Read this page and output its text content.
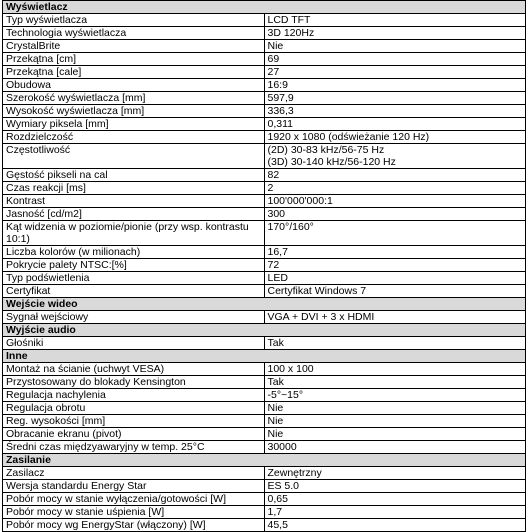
Wyświetlacz	

Typ wyświetlacza	LCD TFT

Technologia wyświetlacza	3D 120Hz

CrystalBrite	Nie

Przekątna [cm]	69

Przekątna [cale]	27

Obudowa	16:9

Szerokość wyświetlacza [mm]	597,9

Wysokość wyświetlacza [mm]	336,3

Wymiary piksela [mm]	0,311

Rozdzielczość	1920 x 1080 (odświeżanie 120 Hz)

Częstotliwość	(2D) 30-83 kHz/56-75 Hz
(3D) 30-140 kHz/56-120 Hz

Gęstość pikseli na cal	82

Czas reakcji [ms]	2

Kontrast	100'000'000:1

Jasność [cd/m2]	300

Kąt widzenia w poziomie/pionie (przy wsp. kontrastu
10:1)	170°/160°

Liczba kolorów (w milionach)	16,7

Pokrycie palety NTSC:[%]	72

Typ podświetlenia	LED

Certyfikat	Certyfikat Windows 7

Wejście wideo	

Sygnał wejściowy	VGA + DVI + 3 x HDMI

Wyjście audio	

Głośniki	Tak

Inne	

Montaż na ścianie (uchwyt VESA)	100 x 100

Przystosowany do blokady Kensington	Tak

Regulacja nachylenia	-5°~15°

Regulacja obrotu	Nie

Reg. wysokości [mm]	Nie

Obracanie ekranu (pivot)	Nie

Średni czas międzyawaryjny w temp. 25°C	30000

Zasilanie	

Zasilacz	Zewnętrzny

Wersja standardu Energy Star	ES 5.0

Pobór mocy w stanie wyłączenia/gotowości [W]	0,65

Pobór mocy w stanie uśpienia [W]	1,7

Pobór mocy wg EnergyStar (włączony) [W]	45,5
